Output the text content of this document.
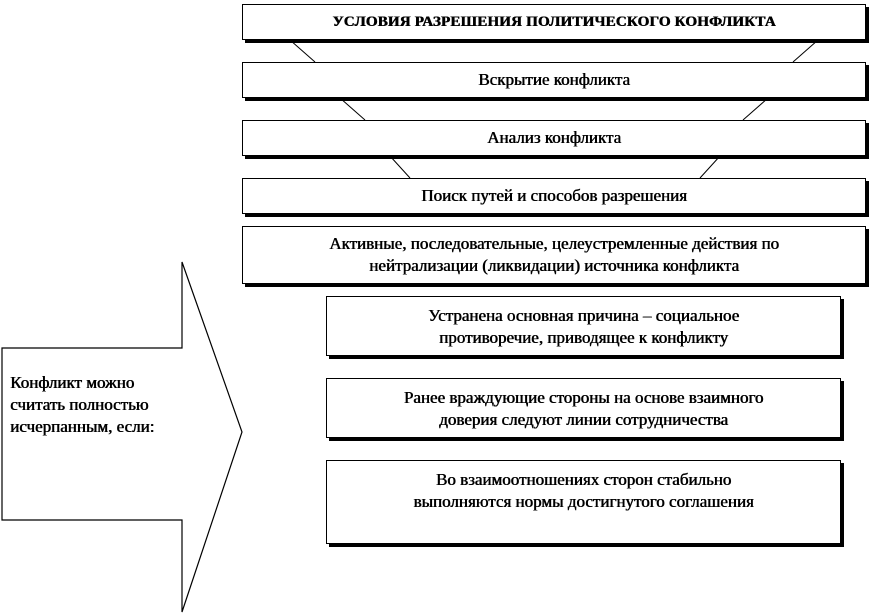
Конфликт можно
считать полностью
исчерпанным, если:
УСЛОВИЯ РАЗРЕШЕНИЯ ПОЛИТИЧЕСКОГО КОНФЛИКТА
Вскрытие конфликта
Анализ конфликта
Поиск путей и способов разрешения
Активные, последовательные, целеустремленные действия по
нейтрализации (ликвидации) источника конфликта
Устранена основная причина – социальное
противоречие, приводящее к конфликту
Ранее враждующие стороны на основе взаимного
доверия следуют линии сотрудничества
Во взаимоотношениях сторон стабильно
выполняются нормы достигнутого соглашения
